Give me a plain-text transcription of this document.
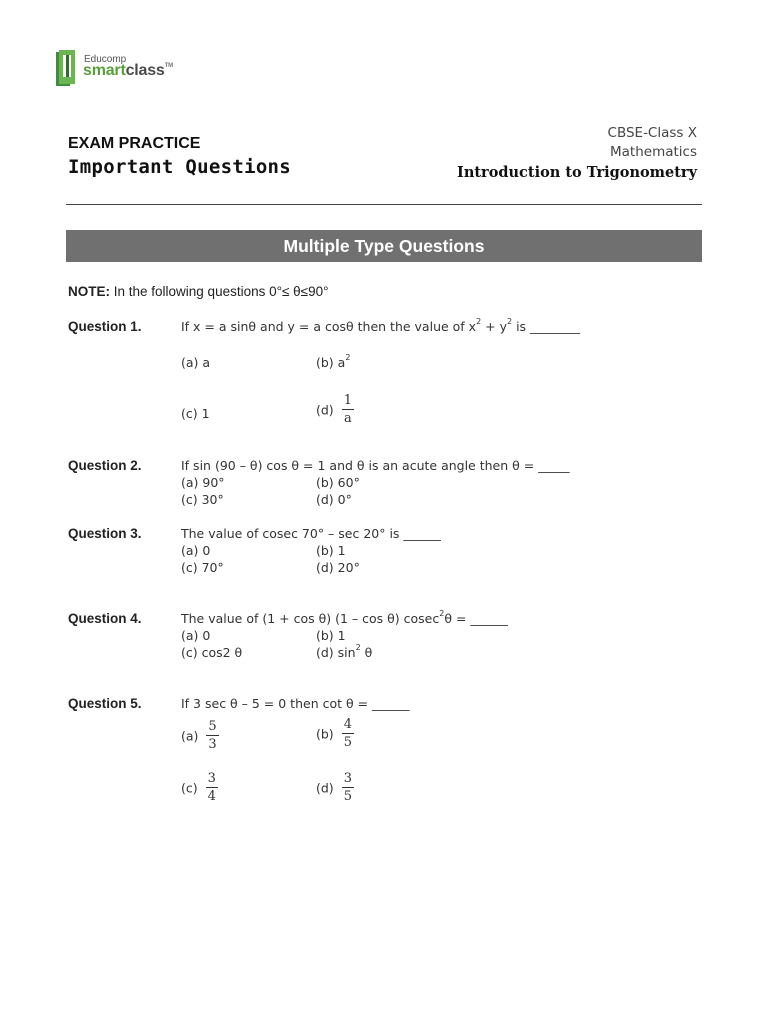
Educomp
smartclass™
EXAM PRACTICE
Important Questions
CBSE-Class X
Mathematics
Introduction to Trigonometry
Multiple Type Questions
NOTE: In the following questions 0°≤ θ≤90°
Question 1.	If x = a sinθ and y = a cosθ then the value of $x^2 + y^2$ is ________
(a) a	(b) $a^2$
(c) 1	$(d) \frac{1}{a}$
Question 2.	If sin (90 – θ) cos θ = 1 and θ is an acute angle then θ = _____
(a) 90°	(b) 60°
(c) 30°	(d) 0°
Question 3.	The value of cosec 70° – sec 20° is ______
(a) 0	(b) 1
(c) 70°	(d) 20°
Question 4.	The value of (1 + cos θ) (1 – cos θ) cosec$^2$θ = ______
(a) 0	(b) 1
(c) cos2 θ	(d) $\sin^2 \theta$
Question 5.	If 3 sec θ – 5 = 0 then cot θ = ______
$(a) \frac{5}{3}$	$(b) \frac{4}{5}$
$(c) \frac{3}{4}$	$(d) \frac{3}{5}$
